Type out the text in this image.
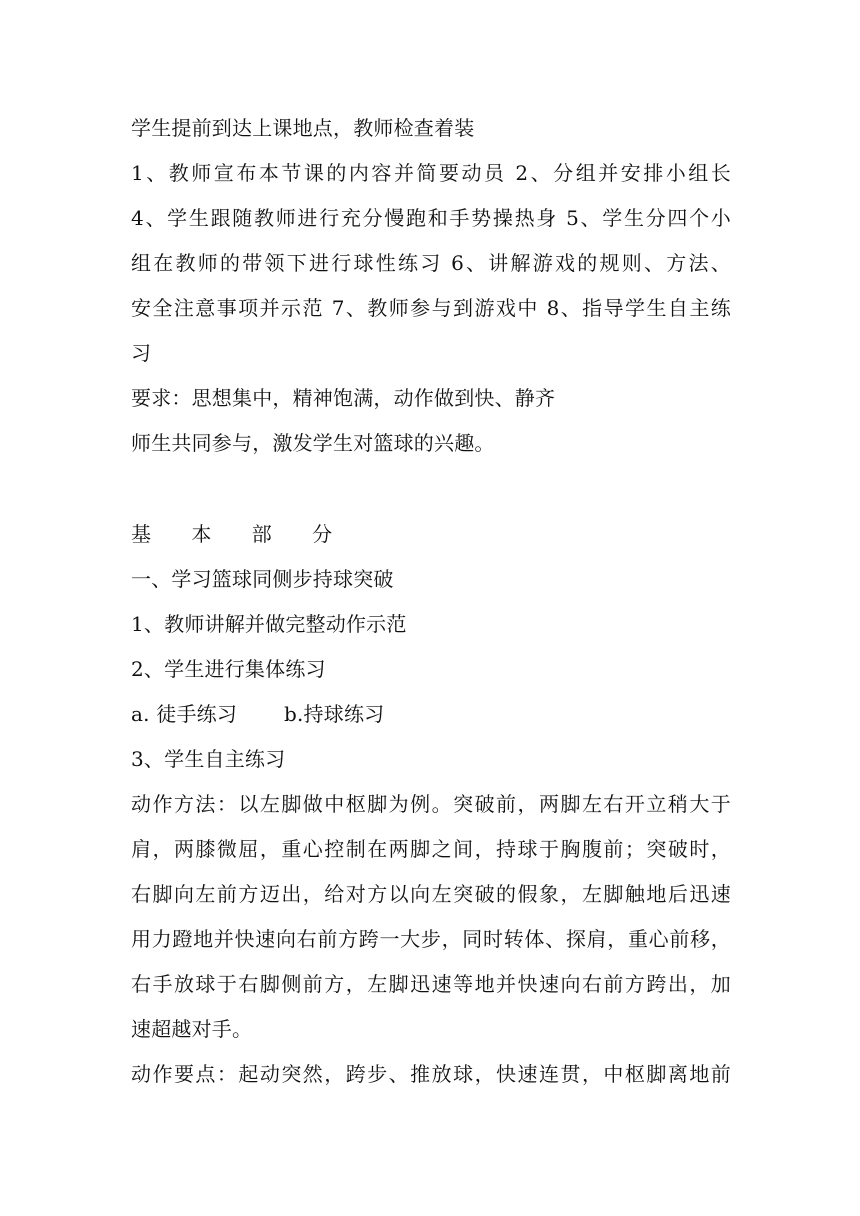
学生提前到达上课地点，教师检查着装
1、教师宣布本节课的内容并简要动员 2、分组并安排小组长
4、学生跟随教师进行充分慢跑和手势操热身 5、学生分四个小
组在教师的带领下进行球性练习 6、讲解游戏的规则、方法、
安全注意事项并示范 7、教师参与到游戏中 8、指导学生自主练
习
要求：思想集中，精神饱满，动作做到快、静齐
师生共同参与，激发学生对篮球的兴趣。
基 本 部 分
一、学习篮球同侧步持球突破
1、教师讲解并做完整动作示范
2、学生进行集体练习
a. 徒手练习 b.持球练习
3、学生自主练习
动作方法：以左脚做中枢脚为例。突破前，两脚左右开立稍大于
肩，两膝微屈，重心控制在两脚之间，持球于胸腹前；突破时，
右脚向左前方迈出，给对方以向左突破的假象，左脚触地后迅速
用力蹬地并快速向右前方跨一大步，同时转体、探肩，重心前移，
右手放球于右脚侧前方，左脚迅速等地并快速向右前方跨出，加
速超越对手。
动作要点：起动突然，跨步、推放球，快速连贯，中枢脚离地前
